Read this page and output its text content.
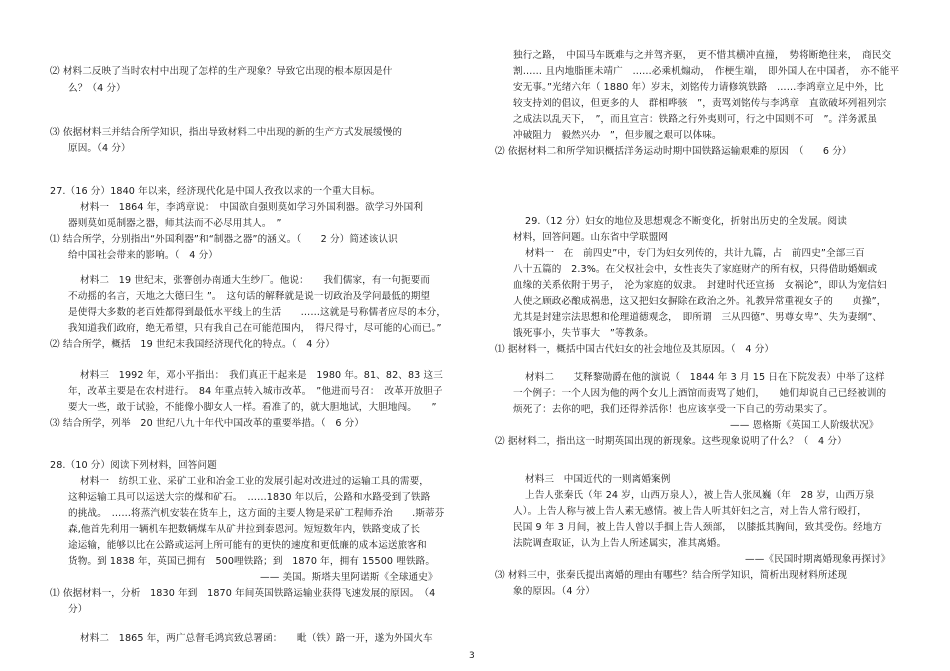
⑵ 材料二反映了当时农村中出现了怎样的生产现象？导致它出现的根本原因是什
么？（4 分）
⑶ 依据材料三并结合所学知识，指出导致材料二中出现的新的生产方式发展缓慢的
原因。（4 分）
27.（16 分）1840 年以来，经济现代化是中国人孜孜以求的一个重大目标。
材料一　1864 年，李鸿章说：　中国欲自强则莫如学习外国利器。欲学习外国利
器则莫如觅制器之器，师其法而不必尽用其人。　”
⑴ 结合所学，分别指出“外国利器”和“制器之器”的涵义。（　　2 分）简述该认识
给中国社会带来的影响。（　4 分）
材料二　19 世纪末，张謇创办南通大生纱厂。他说：　　我们儒家，有一句扼要而
不动摇的名言，天地之大德曰生 ”。　这句话的解释就是说一切政治及学问最低的期望
是使得大多数的老百姓都得到最低水平线上的生活　　……这就是号称儒者应尽的本分，
我知道我们政府，绝无希望，只有我自己在可能范围内，　得尺得寸，尽可能的心而已。”
⑵ 结合所学，概括　19 世纪末我国经济现代化的特点。（　4 分）
材料三　1992 年，邓小平指出：　我们真正干起来是　1980 年。81、82、83 这三
年，改革主要是在农村进行。　84 年重点转入城市改革。　”他进而号召：　改革开放胆子
要大一些，敢于试验，不能像小脚女人一样。看准了的，就大胆地试，大胆地闯。　　”
⑶ 结合所学，列举　20 世纪八九十年代中国改革的重要举措。（　6 分）
28.（10 分）阅读下列材料，回答问题
材料一　纺织工业、采矿工业和冶金工业的发展引起对改进过的运输工具的需要，
这种运输工具可以运送大宗的煤和矿石。　……1830 年以后，公路和水路受到了铁路
的挑战。　……将蒸汽机安装在货车上，这方面的主要人物是采矿工程师乔治　　.斯蒂芬
森,他首先利用一辆机车把数辆煤车从矿井拉到泰恩河。短短数年内，铁路变成了长
途运输，能够以比在公路或运河上所可能有的更快的速度和更低廉的成本运送旅客和
货物。到 1838 年，英国已拥有　500哩铁路；到　1870 年，拥有 15500 哩铁路。
—— 美国。斯塔夫里阿诺斯《全球通史》
⑴ 依据材料一，分析　1830 年到　1870 年间英国铁路运输业获得飞速发展的原因。　（4
分）
材料二　1865 年，两广总督毛鸿宾致总署函：　　毗（铁）路一开，遂为外国火车
独行之路，　中国马车既难与之并驾齐驱，　更不惜其横冲直撞，　势将断绝往来，　商民交
割…… 且内地脂匪未靖广　……必乘机煽动，　作梗生端，　即外国人在中国者，　亦不能平
安无事。”光绪六年（ 1880 年）岁末，刘铭传力请修筑铁路　……李鸿章立足中外，比
较支持刘的倡议，但更多的人　群相哗骇　”，责骂刘铭传与李鸿章　直欲破坏列祖列宗
之成法以乱天下，　”，而且宣言：铁路之行外夷则可，行之中国则不可　”。洋务派虽
冲破阻力　毅然兴办　”，但步履之艰可以体味。
⑵ 依据材料二和所学知识概括洋务运动时期中国铁路运输艰难的原因　（　　6 分）
29.（12 分）妇女的地位及思想观念不断变化，折射出历史的全发展。阅读
材料，回答问题。山东省中学联盟网
材料一　在　前四史”中，专门为妇女列传的，共计九篇，占　前四史”全部三百
八十五篇的　2.3%。在父权社会中，女性丧失了家庭财产的所有权，只得借助婚姻或
血缘的关系依附于男子，　沦为家庭的奴隶。　封建时代还宣扬　女祸论”，即认为宠信妇
人使之顾政必酿成祸患，这又把妇女摒除在政治之外。礼教异常重视女子的　　贞操”，
尤其是封建宗法思想和伦理道德观念，　即所谓　三从四德”、男尊女卑”、失为妻纲”、
饿死事小，失节事大　”等教条。
⑴ 据材料一，概括中国古代妇女的社会地位及其原因。（　4 分）
材料二　　艾释黎勋爵在他的演说（　1844 年 3 月 15 日在下院发表）中举了这样
一个例子：一个人因为他的两个女儿上酒馆而责骂了她们，　　她们却说自己已经被训的
烦死了：去你的吧，我们还得养活你！也应该享受一下自己的劳动果实了。
—— 恩格斯《英国工人阶级状况》
⑵ 据材料二，指出这一时期英国出现的新现象。这些现象说明了什么？（　4 分）
材料三　中国近代的一则离婚案例
上告人张秦氏（年 24 岁，山西万泉人），被上告人张凤巍（年　28 岁，山西万泉
人）。上告人称与被上告人素无感情。被上告人听其奸妇之言，对上告人常行殴打，
民国 9 年 3 月间，被上告人曾以手掴上告人颈部，　以膝抵其胸间，致其受伤。经地方
法院调查取证，认为上告人所述属实，准其离婚。
——《民国时期离婚现象再探讨》
⑶ 材料三中，张秦氏提出离婚的理由有哪些？结合所学知识，简析出现材料所述现
象的原因。（4 分）
3
